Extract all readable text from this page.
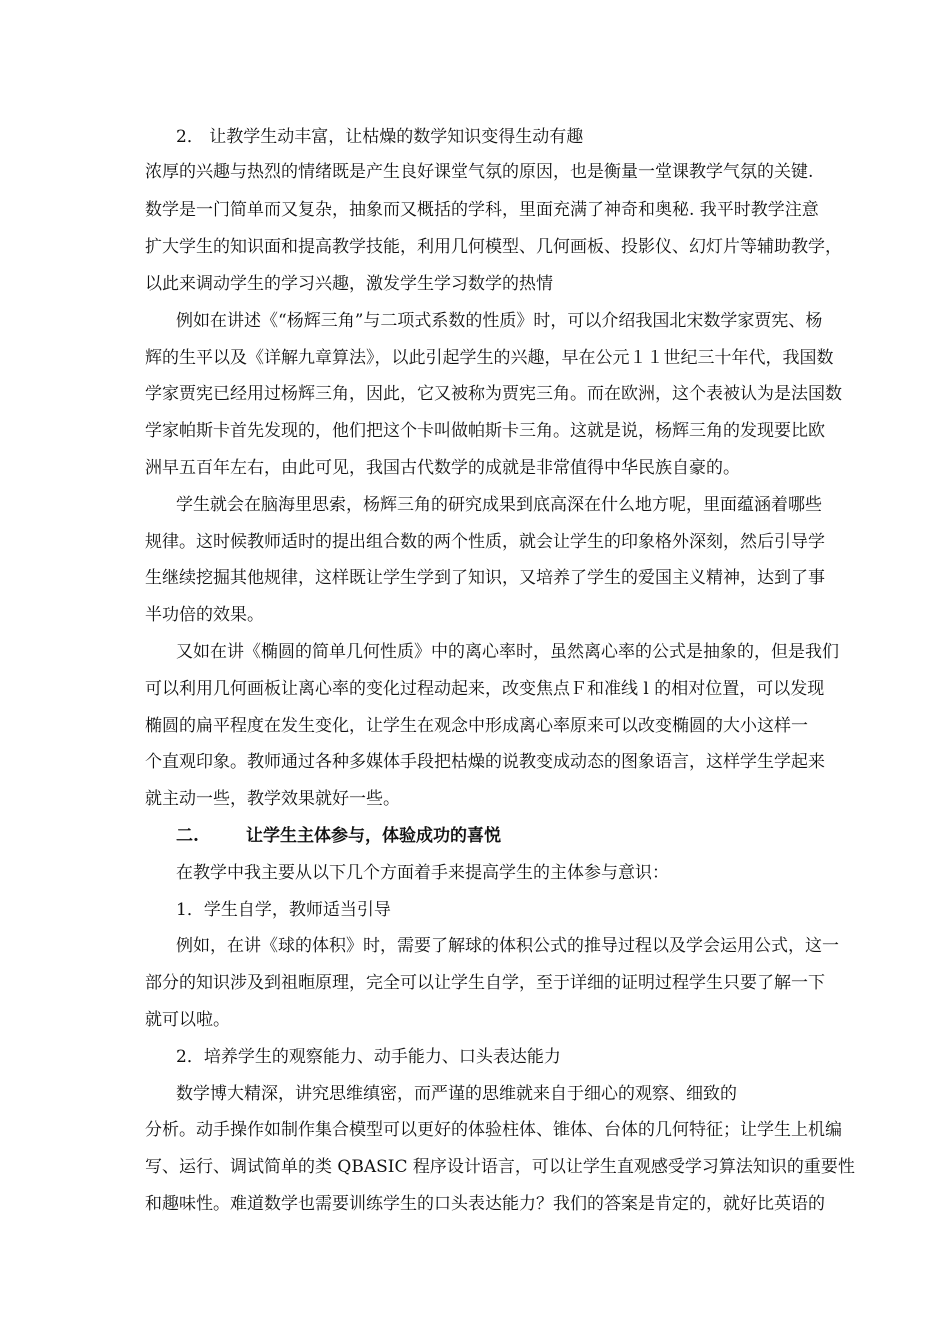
2． 让教学生动丰富，让枯燥的数学知识变得生动有趣
浓厚的兴趣与热烈的情绪既是产生良好课堂气氛的原因，也是衡量一堂课教学气氛的关键.
数学是一门简单而又复杂，抽象而又概括的学科，里面充满了神奇和奥秘. 我平时教学注意
扩大学生的知识面和提高教学技能，利用几何模型、几何画板、投影仪、幻灯片等辅助教学，
以此来调动学生的学习兴趣，激发学生学习数学的热情
例如在讲述《“杨辉三角”与二项式系数的性质》时，可以介绍我国北宋数学家贾宪、杨
辉的生平以及《详解九章算法》，以此引起学生的兴趣，早在公元１１世纪三十年代，我国数
学家贾宪已经用过杨辉三角，因此，它又被称为贾宪三角。而在欧洲，这个表被认为是法国数
学家帕斯卡首先发现的，他们把这个卡叫做帕斯卡三角。这就是说，杨辉三角的发现要比欧
洲早五百年左右，由此可见，我国古代数学的成就是非常值得中华民族自豪的。
学生就会在脑海里思索，杨辉三角的研究成果到底高深在什么地方呢，里面蕴涵着哪些
规律。这时候教师适时的提出组合数的两个性质，就会让学生的印象格外深刻，然后引导学
生继续挖掘其他规律，这样既让学生学到了知识，又培养了学生的爱国主义精神，达到了事
半功倍的效果。
又如在讲《椭圆的简单几何性质》中的离心率时，虽然离心率的公式是抽象的，但是我们
可以利用几何画板让离心率的变化过程动起来，改变焦点Ｆ和准线 l 的相对位置，可以发现
椭圆的扁平程度在发生变化，让学生在观念中形成离心率原来可以改变椭圆的大小这样一
个直观印象。教师通过各种多媒体手段把枯燥的说教变成动态的图象语言，这样学生学起来
就主动一些，教学效果就好一些。
二.	让学生主体参与，体验成功的喜悦
在教学中我主要从以下几个方面着手来提高学生的主体参与意识：
1．学生自学，教师适当引导
例如，在讲《球的体积》时，需要了解球的体积公式的推导过程以及学会运用公式，这一
部分的知识涉及到祖暅原理，完全可以让学生自学，至于详细的证明过程学生只要了解一下
就可以啦。
2．培养学生的观察能力、动手能力、口头表达能力
数学博大精深，讲究思维缜密，而严谨的思维就来自于细心的观察、细致的
分析。动手操作如制作集合模型可以更好的体验柱体、锥体、台体的几何特征；让学生上机编
写、运行、调试简单的类 QBASIC 程序设计语言，可以让学生直观感受学习算法知识的重要性
和趣味性。难道数学也需要训练学生的口头表达能力？我们的答案是肯定的，就好比英语的
